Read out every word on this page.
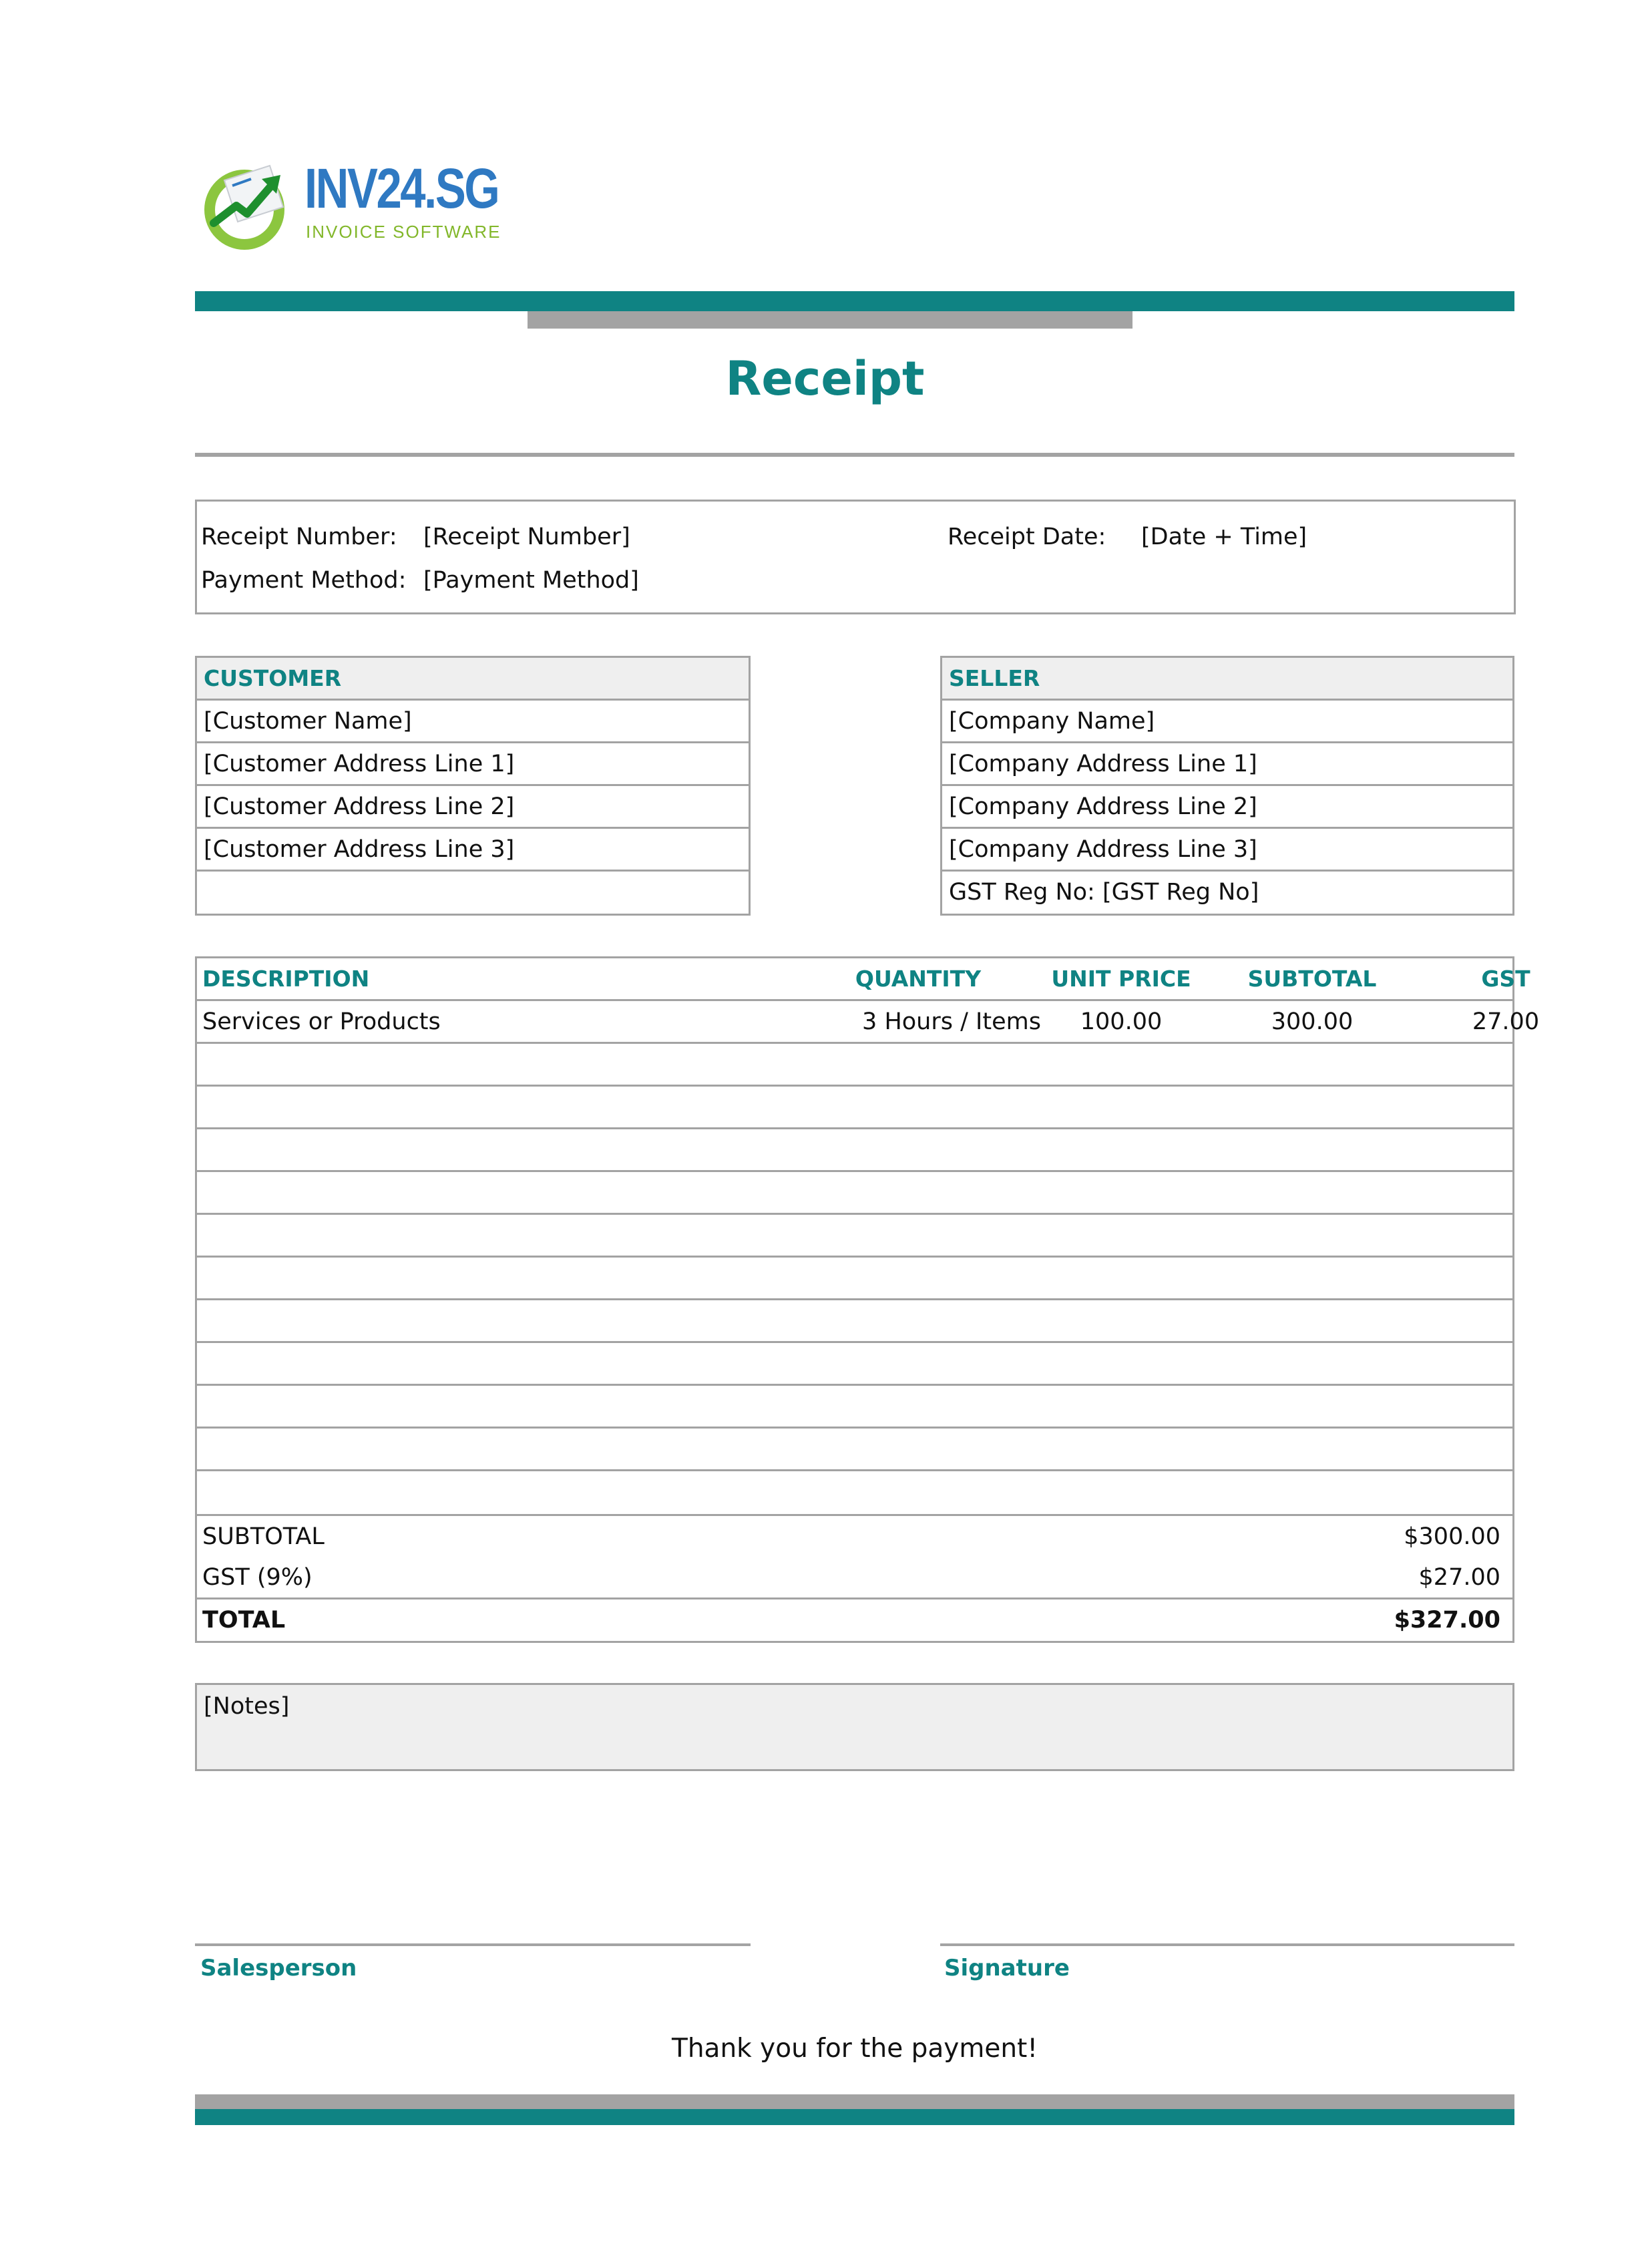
INV24.SG
INVOICE SOFTWARE
Receipt
Receipt Number: [Receipt Number]
Payment Method: [Payment Method]
Receipt Date: [Date + Time]
CUSTOMER
[Customer Name]
[Customer Address Line 1]
[Customer Address Line 2]
[Customer Address Line 3]
SELLER
[Company Name]
[Company Address Line 1]
[Company Address Line 2]
[Company Address Line 3]
GST Reg No: [GST Reg No]
DESCRIPTION	QUANTITY	UNIT PRICE	SUBTOTAL	GST
Services or Products	3 Hours / Items	100.00	300.00	27.00
SUBTOTAL	$300.00
GST (9%)	$27.00
TOTAL	$327.00
[Notes]
Salesperson	Signature
Thank you for the payment!
